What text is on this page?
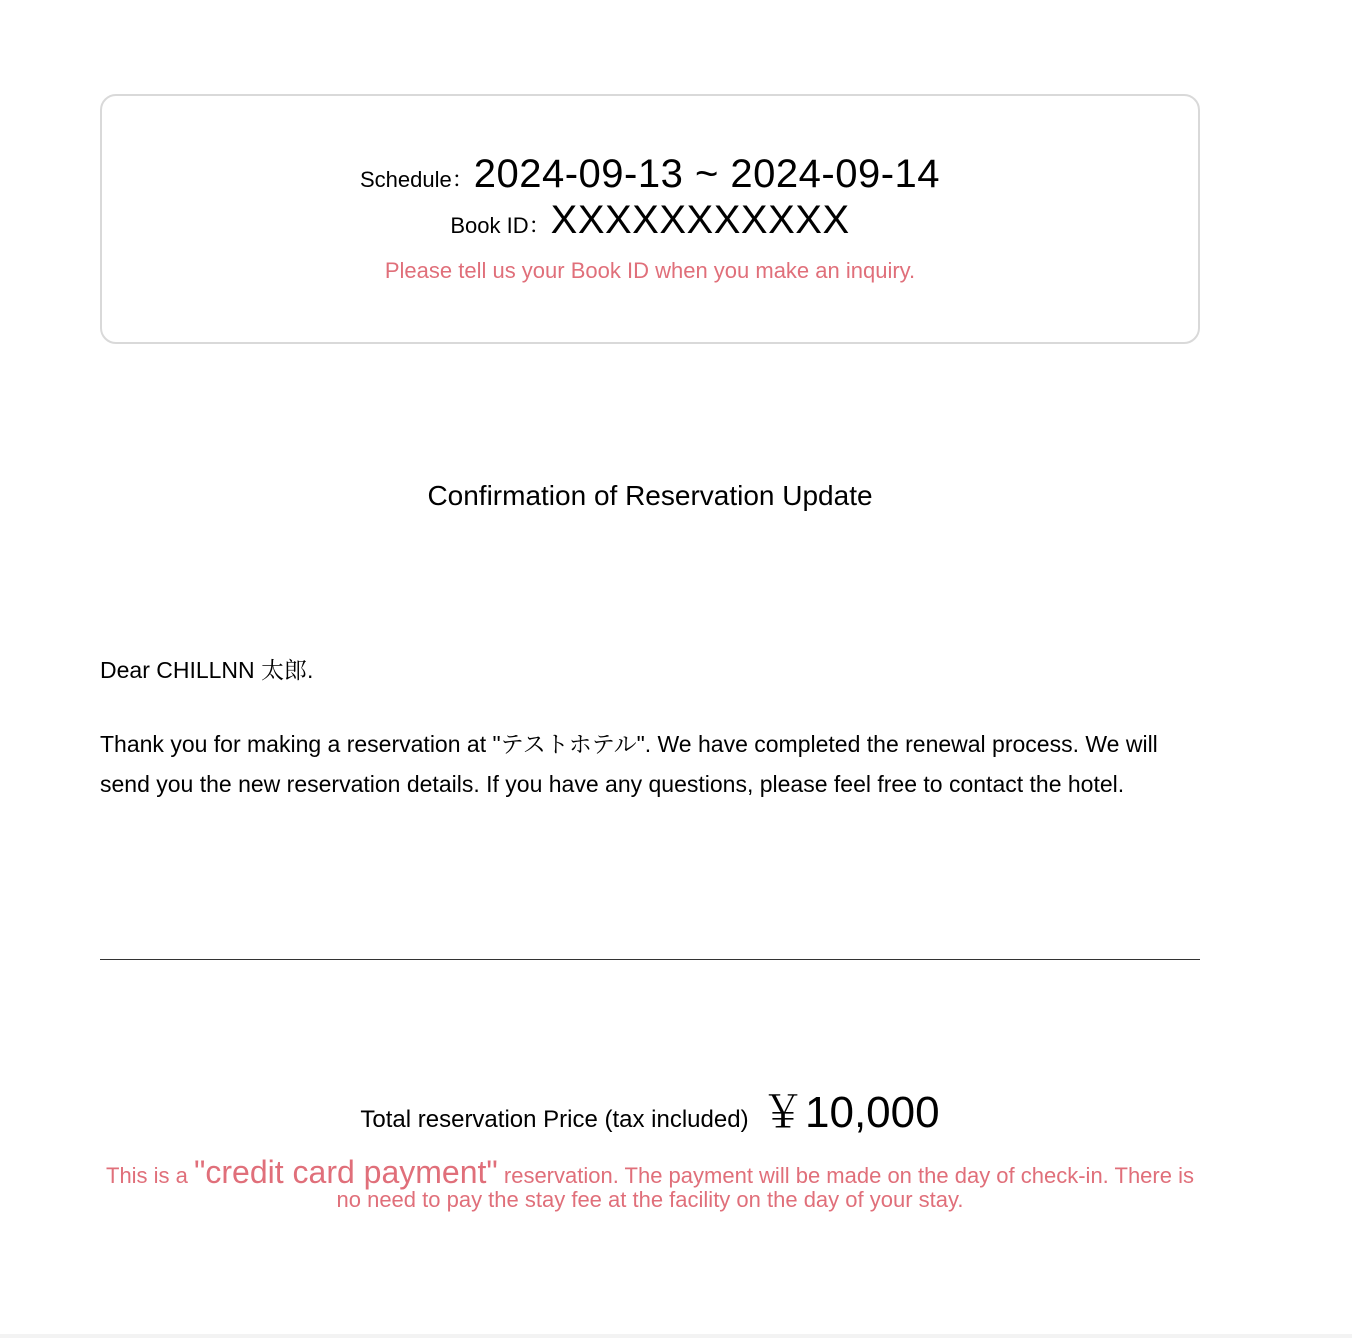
Schedule：2024-09-13 ~ 2024-09-14
Book ID：XXXXXXXXXXX
Please tell us your Book ID when you make an inquiry.
Confirmation of Reservation Update
Dear CHILLNN 太郎.
Thank you for making a reservation at "テストホテル". We have completed the renewal process. We will send you the new reservation details. If you have any questions, please feel free to contact the hotel.
Total reservation Price (tax included) ￥10,000
This is a "credit card payment" reservation. The payment will be made on the day of check-in. There is no need to pay the stay fee at the facility on the day of your stay.
